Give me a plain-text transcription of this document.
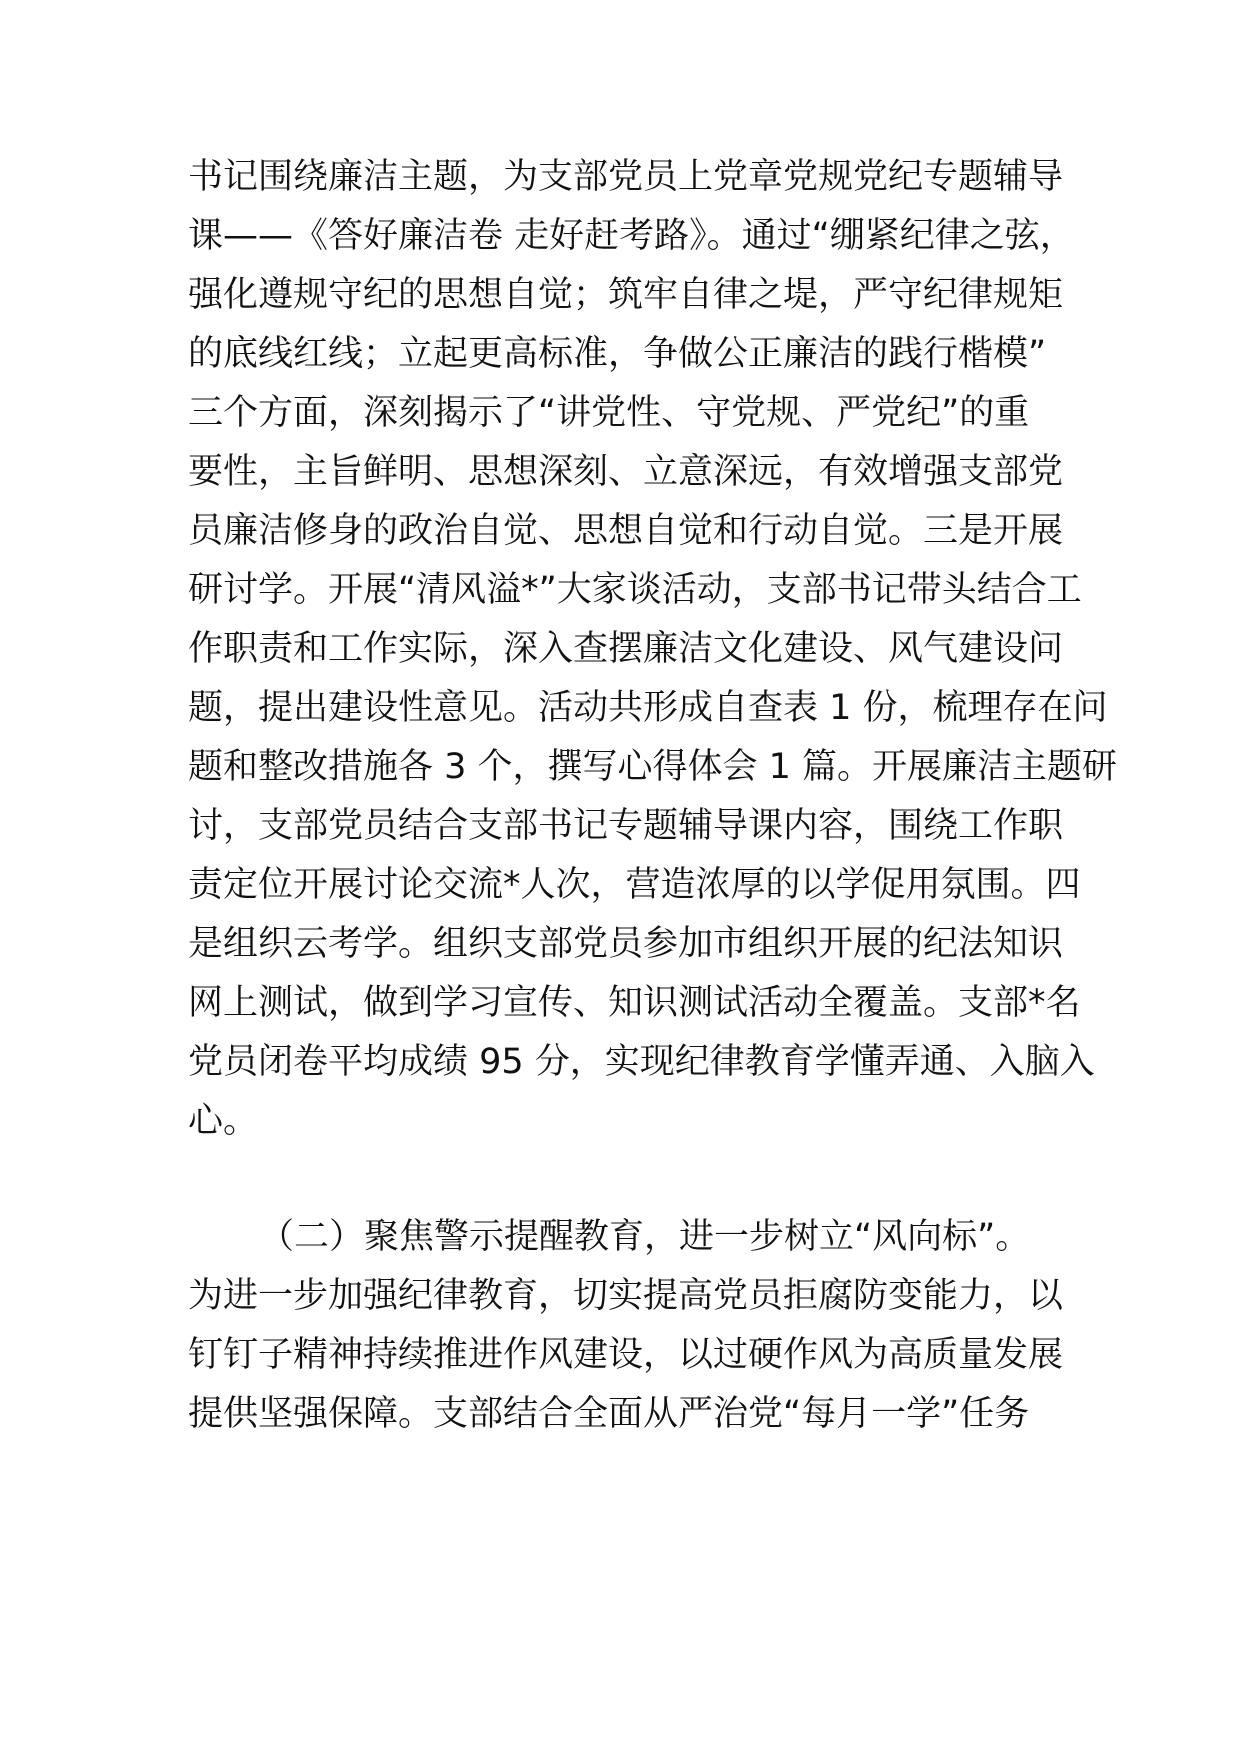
书记围绕廉洁主题，为支部党员上党章党规党纪专题辅导
课——《答好廉洁卷 走好赶考路》。通过“绷紧纪律之弦，
强化遵规守纪的思想自觉；筑牢自律之堤，严守纪律规矩
的底线红线；立起更高标准，争做公正廉洁的践行楷模”
三个方面，深刻揭示了“讲党性、守党规、严党纪”的重
要性，主旨鲜明、思想深刻、立意深远，有效增强支部党
员廉洁修身的政治自觉、思想自觉和行动自觉。三是开展
研讨学。开展“清风溢*”大家谈活动，支部书记带头结合工
作职责和工作实际，深入查摆廉洁文化建设、风气建设问
题，提出建设性意见。活动共形成自查表 1 份，梳理存在问
题和整改措施各 3 个，撰写心得体会 1 篇。开展廉洁主题研
讨，支部党员结合支部书记专题辅导课内容，围绕工作职
责定位开展讨论交流*人次，营造浓厚的以学促用氛围。四
是组织云考学。组织支部党员参加市组织开展的纪法知识
网上测试，做到学习宣传、知识测试活动全覆盖。支部*名
党员闭卷平均成绩 95 分，实现纪律教育学懂弄通、入脑入
心。
（二）聚焦警示提醒教育，进一步树立“风向标”。
为进一步加强纪律教育，切实提高党员拒腐防变能力，以
钉钉子精神持续推进作风建设，以过硬作风为高质量发展
提供坚强保障。支部结合全面从严治党“每月一学”任务
